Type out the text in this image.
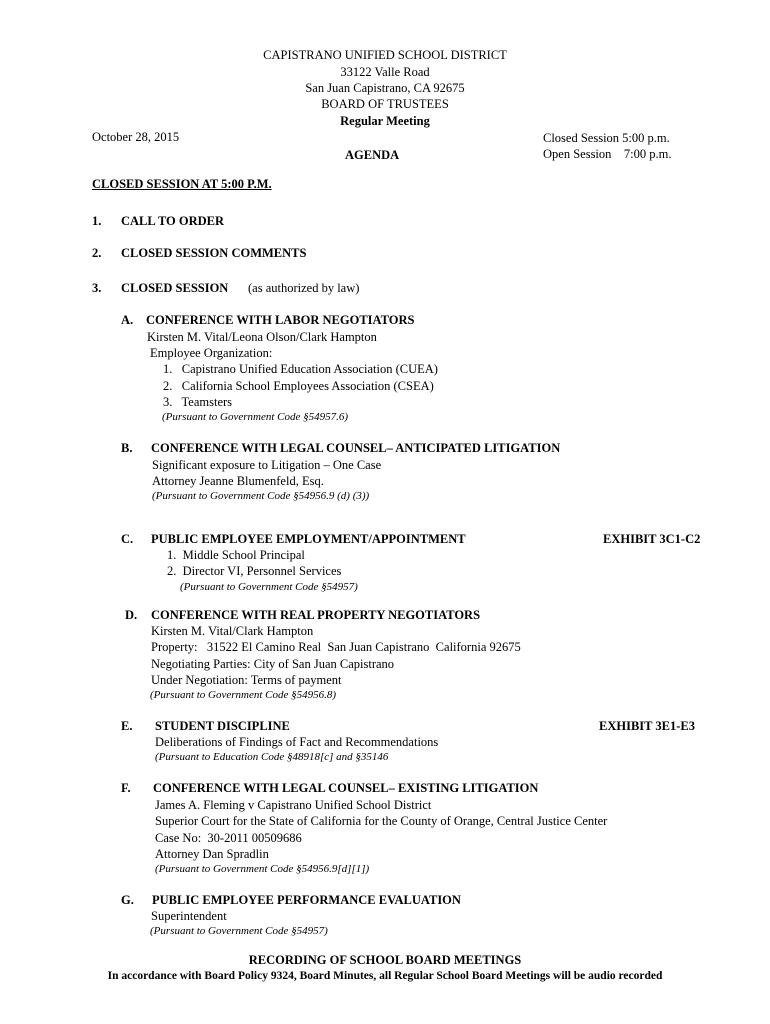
CAPISTRANO UNIFIED SCHOOL DISTRICT
33122 Valle Road
San Juan Capistrano, CA 92675
BOARD OF TRUSTEES
Regular Meeting
October 28, 2015
AGENDA
Closed Session 5:00 p.m.
Open Session    7:00 p.m.
CLOSED SESSION AT 5:00 P.M.
1. CALL TO ORDER
2. CLOSED SESSION COMMENTS
3. CLOSED SESSION (as authorized by law)
A. CONFERENCE WITH LABOR NEGOTIATORS
Kirsten M. Vital/Leona Olson/Clark Hampton
Employee Organization:
1.   Capistrano Unified Education Association (CUEA)
2.   California School Employees Association (CSEA)
3.   Teamsters
(Pursuant to Government Code §54957.6)
B. CONFERENCE WITH LEGAL COUNSEL– ANTICIPATED LITIGATION
Significant exposure to Litigation – One Case
Attorney Jeanne Blumenfeld, Esq.
(Pursuant to Government Code §54956.9 (d) (3))
C. PUBLIC EMPLOYEE EMPLOYMENT/APPOINTMENT	EXHIBIT 3C1-C2
1.  Middle School Principal
2.  Director VI, Personnel Services
(Pursuant to Government Code §54957)
D. CONFERENCE WITH REAL PROPERTY NEGOTIATORS
Kirsten M. Vital/Clark Hampton
Property:   31522 El Camino Real  San Juan Capistrano  California 92675
Negotiating Parties: City of San Juan Capistrano
Under Negotiation: Terms of payment
(Pursuant to Government Code §54956.8)
E. STUDENT DISCIPLINE	EXHIBIT 3E1-E3
Deliberations of Findings of Fact and Recommendations
(Pursuant to Education Code §48918[c] and §35146
F. CONFERENCE WITH LEGAL COUNSEL– EXISTING LITIGATION
James A. Fleming v Capistrano Unified School District
Superior Court for the State of California for the County of Orange, Central Justice Center
Case No:  30-2011 00509686
Attorney Dan Spradlin
(Pursuant to Government Code §54956.9[d][1])
G. PUBLIC EMPLOYEE PERFORMANCE EVALUATION
Superintendent
(Pursuant to Government Code §54957)
RECORDING OF SCHOOL BOARD MEETINGS
In accordance with Board Policy 9324, Board Minutes, all Regular School Board Meetings will be audio recorded
